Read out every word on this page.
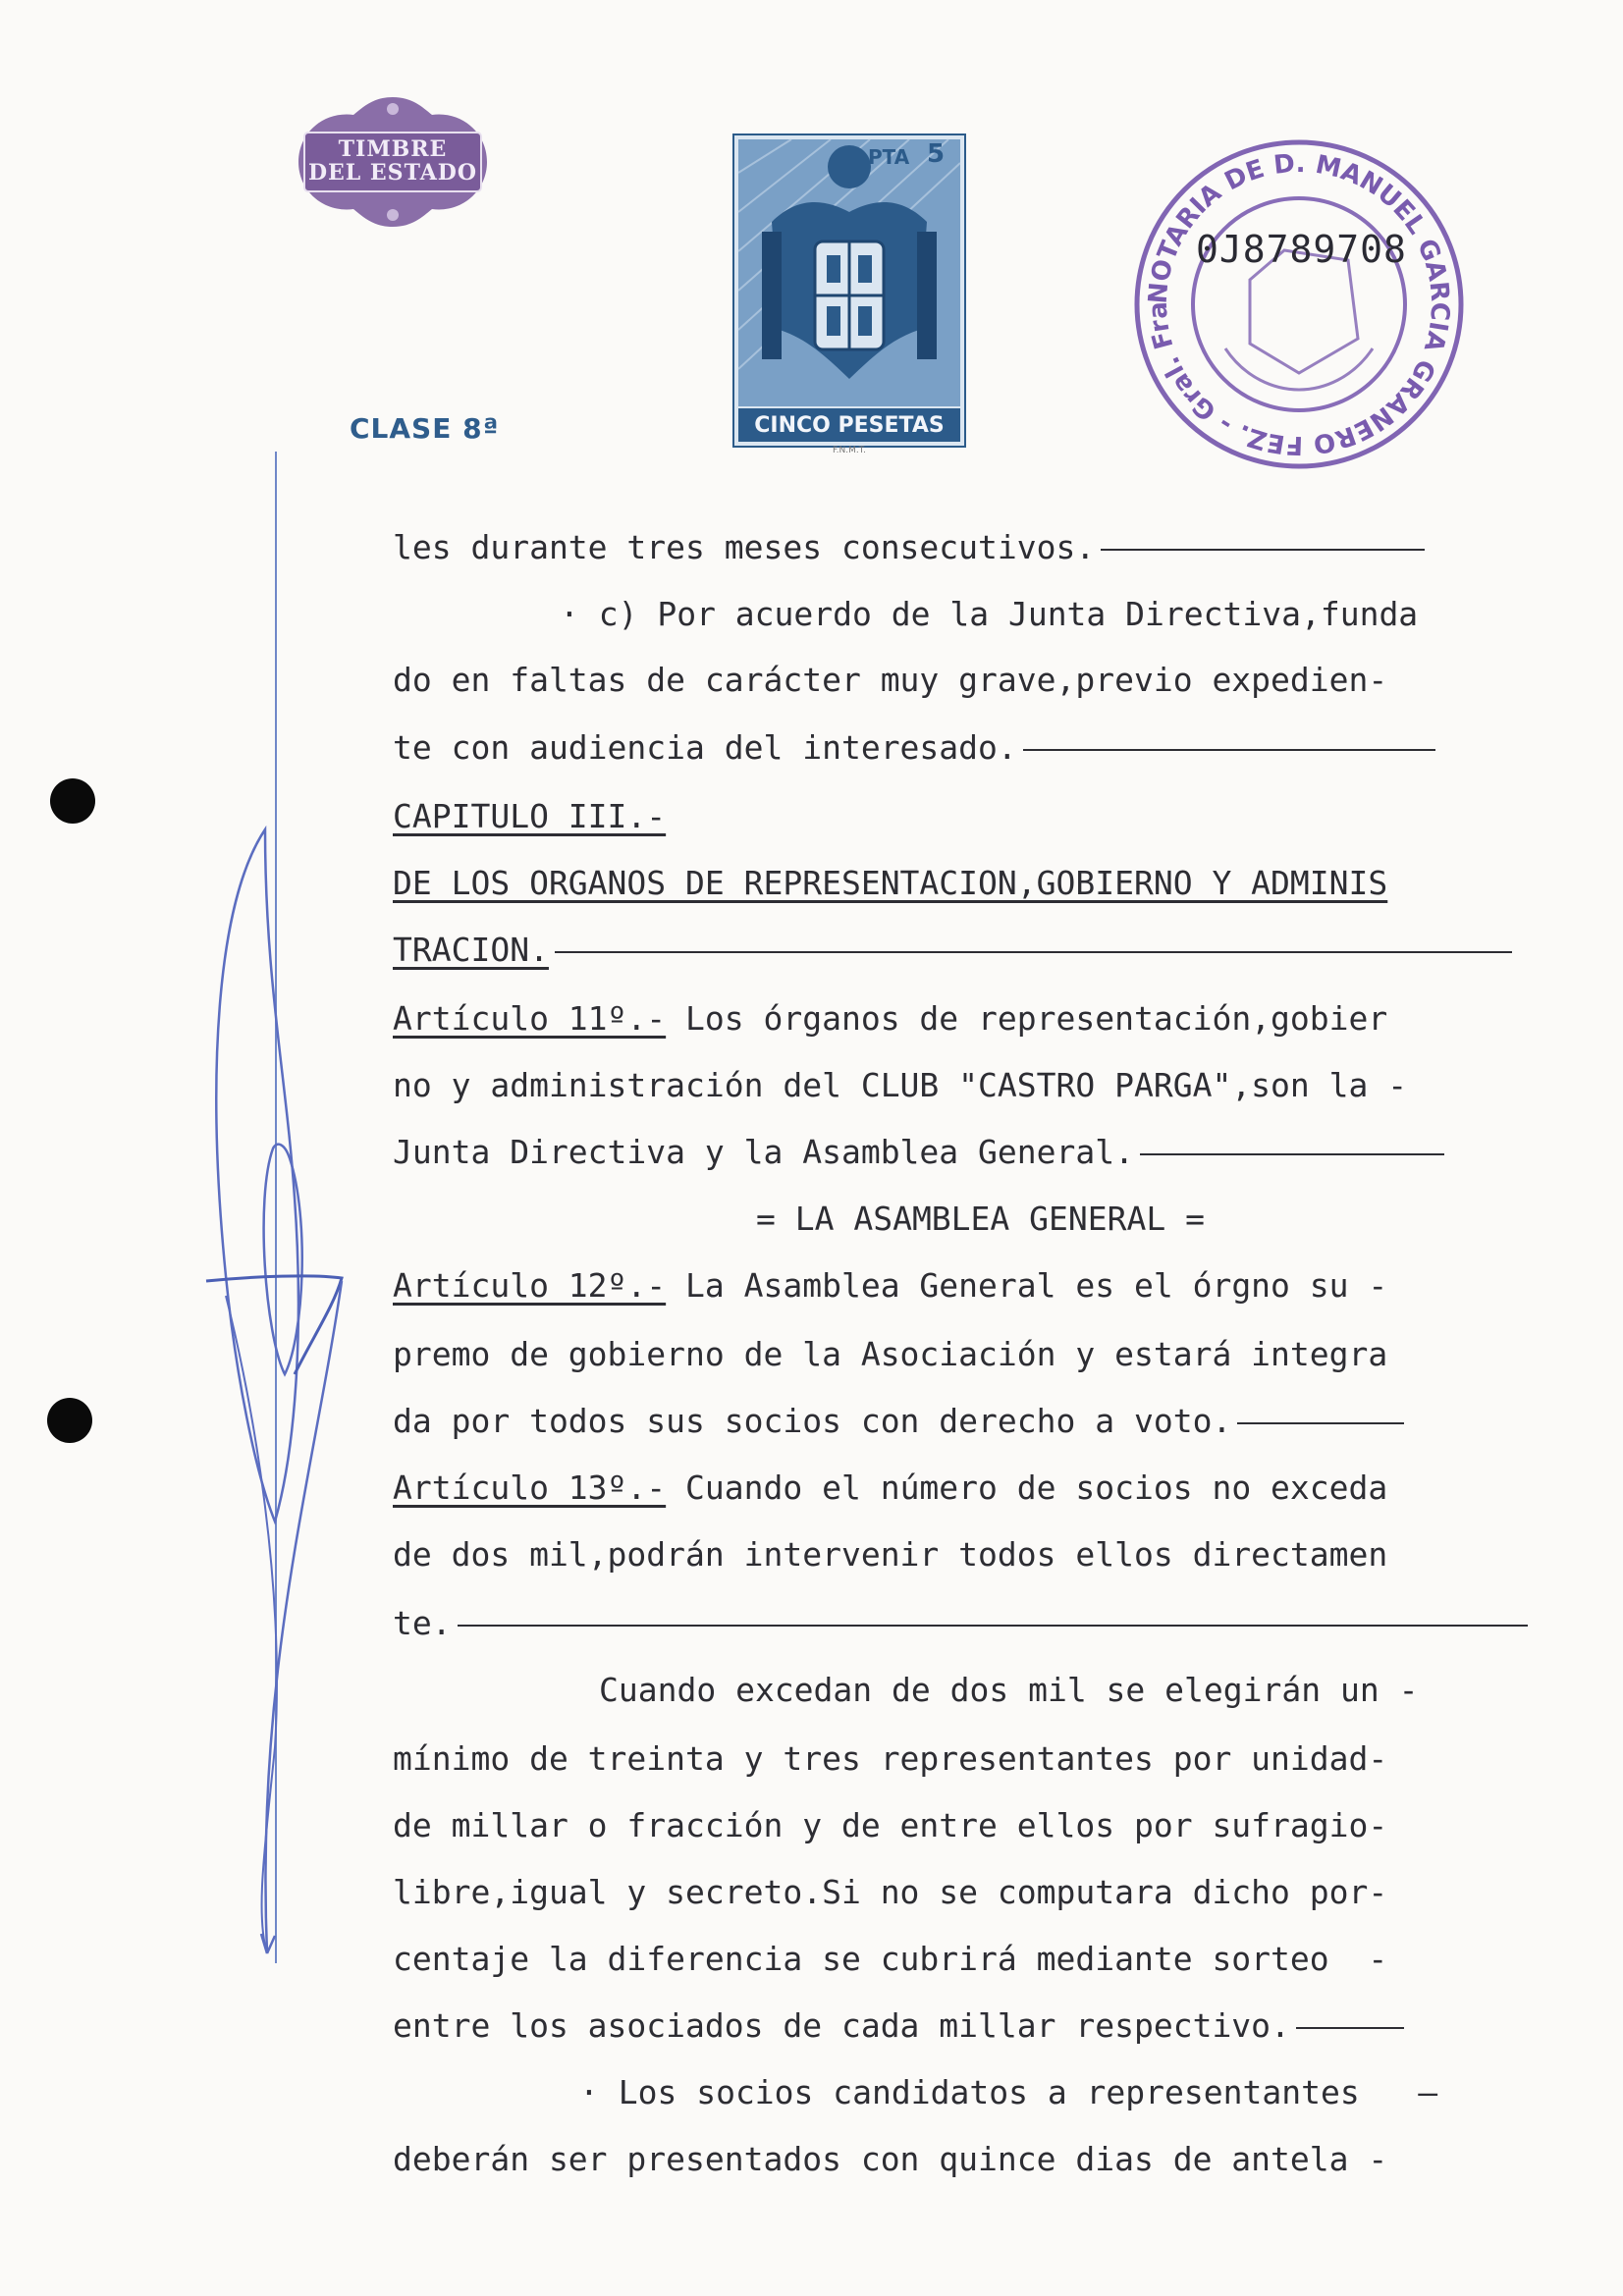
TIMBRE
DEL ESTADO
CLASE 8ª
PTA 5
CINCO PESETAS
F.N.M.T.
NOTARIA DE D. MANUEL GARCIA GRANERO FEZ. - Gral. Fra
0J8789708
les durante tres meses consecutivos.
· c) Por acuerdo de la Junta Directiva,funda
do en faltas de carácter muy grave,previo expedien-
te con audiencia del interesado.
CAPITULO III.-
DE LOS ORGANOS DE REPRESENTACION,GOBIERNO Y ADMINIS
TRACION.
Artículo 11º.- Los órganos de representación,gobier
no y administración del CLUB "CASTRO PARGA",son la -
Junta Directiva y la Asamblea General.
= LA ASAMBLEA GENERAL =
Artículo 12º.- La Asamblea General es el órgno su -
premo de gobierno de la Asociación y estará integra
da por todos sus socios con derecho a voto.
Artículo 13º.- Cuando el número de socios no exceda
de dos mil,podrán intervenir todos ellos directamen
te.
Cuando excedan de dos mil se elegirán un -
mínimo de treinta y tres representantes por unidad-
de millar o fracción y de entre ellos por sufragio-
libre,igual y secreto.Si no se computara dicho por-
centaje la diferencia se cubrirá mediante sorteo  -
entre los asociados de cada millar respectivo.
· Los socios candidatos a representantes   —
deberán ser presentados con quince dias de antela -
